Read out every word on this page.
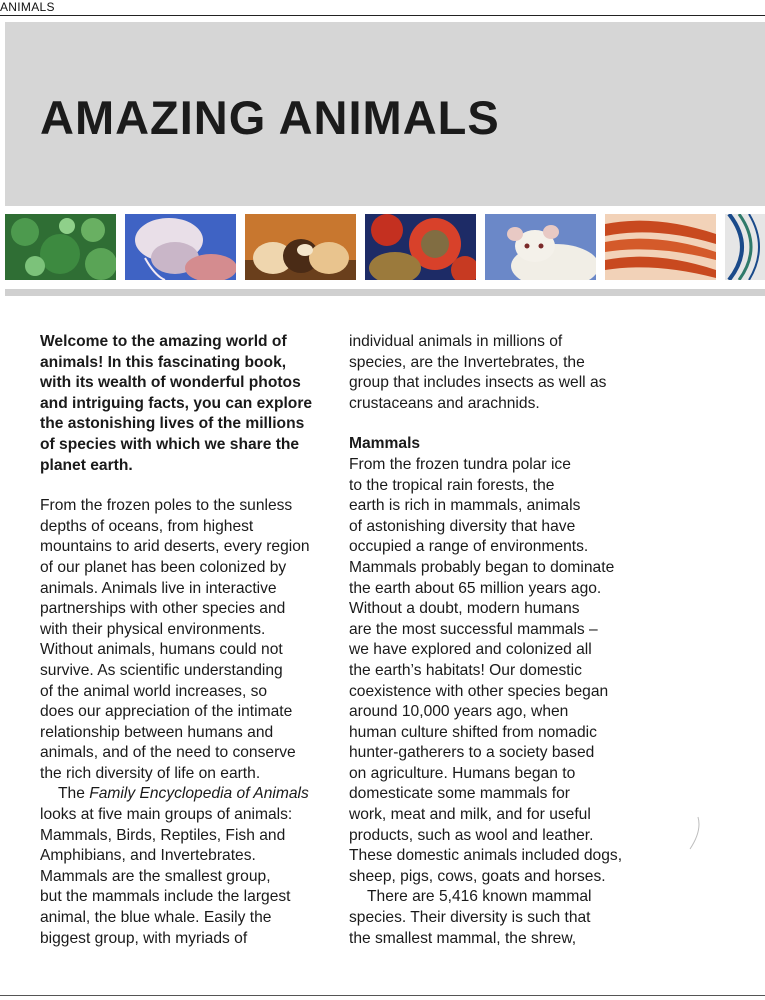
ANIMALS
AMAZING ANIMALS

Welcome to the amazing world of
animals! In this fascinating book,
with its wealth of wonderful photos
and intriguing facts, you can explore
the astonishing lives of the millions
of species with which we share the
planet earth.

From the frozen poles to the sunless
depths of oceans, from highest
mountains to arid deserts, every region
of our planet has been colonized by
animals. Animals live in interactive
partnerships with other species and
with their physical environments.
Without animals, humans could not
survive. As scientific understanding
of the animal world increases, so
does our appreciation of the intimate
relationship between humans and
animals, and of the need to conserve
the rich diversity of life on earth.

The Family Encyclopedia of Animals
looks at five main groups of animals:
Mammals, Birds, Reptiles, Fish and
Amphibians, and Invertebrates.
Mammals are the smallest group,
but the mammals include the largest
animal, the blue whale. Easily the
biggest group, with myriads of

individual animals in millions of
species, are the Invertebrates, the
group that includes insects as well as
crustaceans and arachnids.

Mammals

From the frozen tundra polar ice
to the tropical rain forests, the
earth is rich in mammals, animals
of astonishing diversity that have
occupied a range of environments.
Mammals probably began to dominate
the earth about 65 million years ago.
Without a doubt, modern humans
are the most successful mammals –
we have explored and colonized all
the earth’s habitats! Our domestic
coexistence with other species began
around 10,000 years ago, when
human culture shifted from nomadic
hunter-gatherers to a society based
on agriculture. Humans began to
domesticate some mammals for
work, meat and milk, and for useful
products, such as wool and leather.
These domestic animals included dogs,
sheep, pigs, cows, goats and horses.

There are 5,416 known mammal
species. Their diversity is such that
the smallest mammal, the shrew,
